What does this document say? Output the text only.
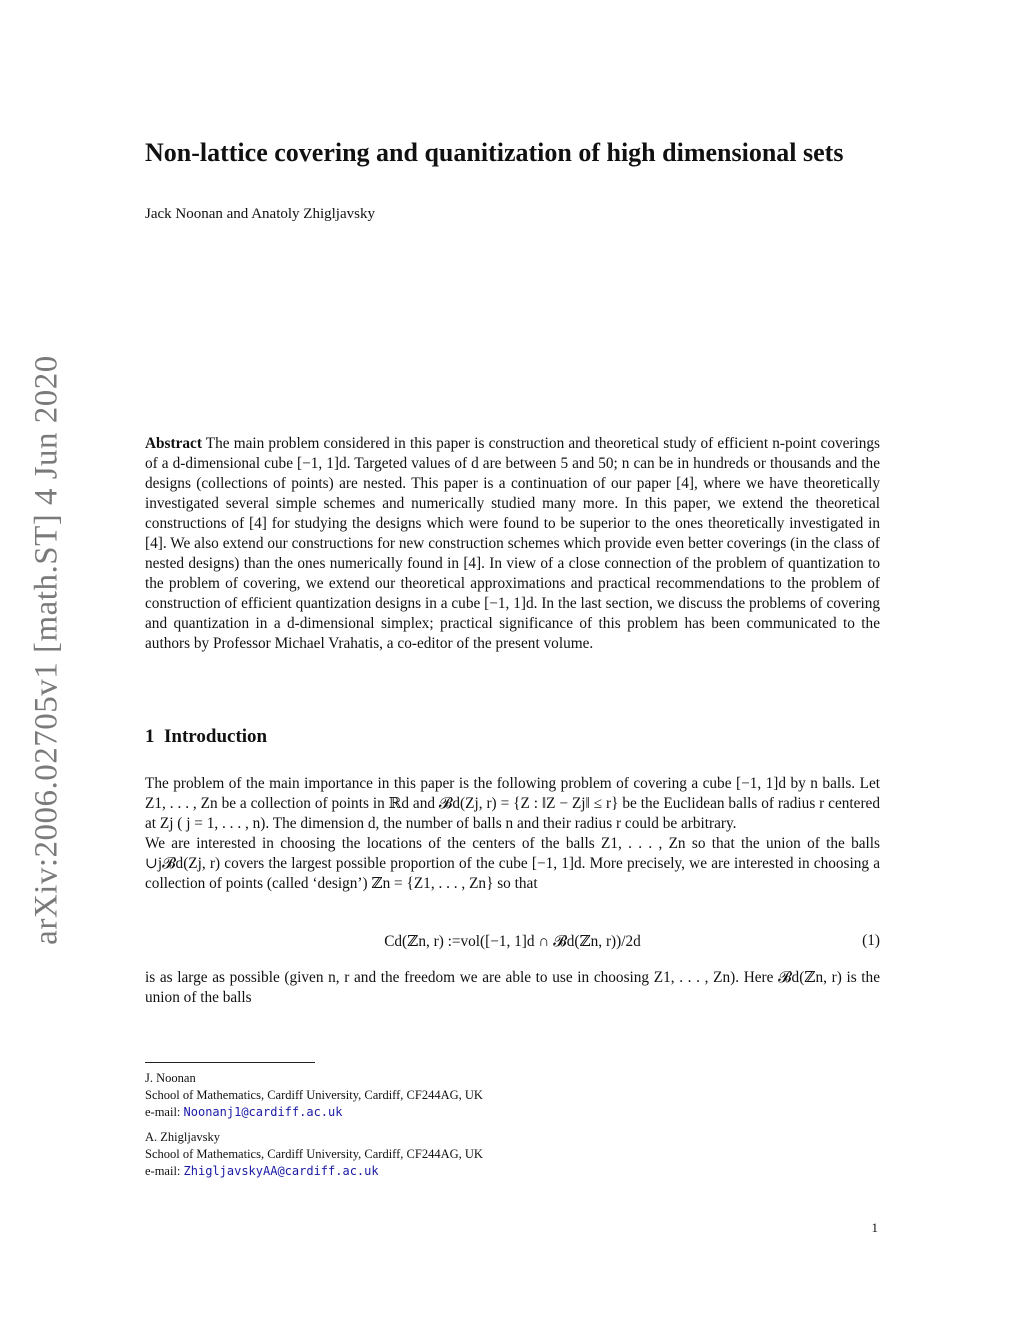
arXiv:2006.02705v1 [math.ST] 4 Jun 2020
Non-lattice covering and quanitization of high dimensional sets
Jack Noonan and Anatoly Zhigljavsky
Abstract The main problem considered in this paper is construction and theoretical study of efficient n-point coverings of a d-dimensional cube [−1, 1]d. Targeted values of d are between 5 and 50; n can be in hundreds or thousands and the designs (collections of points) are nested. This paper is a continuation of our paper [4], where we have theoretically investigated several simple schemes and numerically studied many more. In this paper, we extend the theoretical constructions of [4] for studying the designs which were found to be superior to the ones theoretically investigated in [4]. We also extend our constructions for new construction schemes which provide even better coverings (in the class of nested designs) than the ones numerically found in [4]. In view of a close connection of the problem of quantization to the problem of covering, we extend our theoretical approximations and practical recommendations to the problem of construction of efficient quantization designs in a cube [−1, 1]d. In the last section, we discuss the problems of covering and quantization in a d-dimensional simplex; practical significance of this problem has been communicated to the authors by Professor Michael Vrahatis, a co-editor of the present volume.
1 Introduction
The problem of the main importance in this paper is the following problem of covering a cube [−1, 1]d by n balls. Let Z1, . . . , Zn be a collection of points in ℝd and 𝓑d(Zj, r) = {Z : ‖Z − Zj‖ ≤ r} be the Euclidean balls of radius r centered at Zj ( j = 1, . . . , n). The dimension d, the number of balls n and their radius r could be arbitrary.
We are interested in choosing the locations of the centers of the balls Z1, . . . , Zn so that the union of the balls ∪j𝓑d(Zj, r) covers the largest possible proportion of the cube [−1, 1]d. More precisely, we are interested in choosing a collection of points (called ‘design’) ℤn = {Z1, . . . , Zn} so that
Cd(ℤn, r) :=vol([−1, 1]d ∩ 𝓑d(ℤn, r))/2d	(1)
is as large as possible (given n, r and the freedom we are able to use in choosing Z1, . . . , Zn). Here 𝓑d(ℤn, r) is the union of the balls
J. Noonan
School of Mathematics, Cardiff University, Cardiff, CF244AG, UK
e-mail: Noonanj1@cardiff.ac.uk
A. Zhigljavsky
School of Mathematics, Cardiff University, Cardiff, CF244AG, UK
e-mail: ZhigljavskyAA@cardiff.ac.uk
1
